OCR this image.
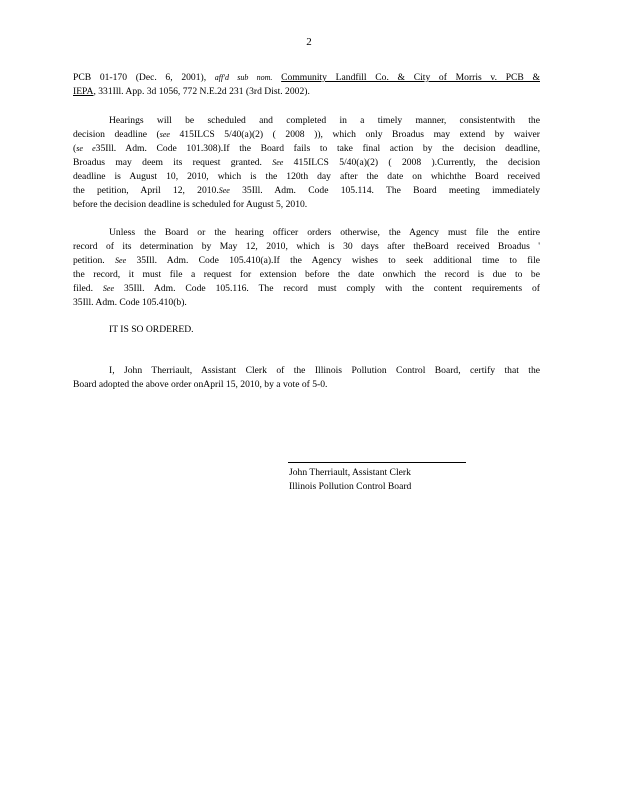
2
PCB 01-170 (Dec. 6, 2001), aff'd sub nom. Community Landfill Co. & City of Morris v. PCB &
IEPA, 331Ill. App. 3d 1056, 772 N.E.2d 231 (3rd Dist. 2002).
Hearings will be scheduled and completed in a timely manner, consistentwith the
decision deadline (see 415ILCS 5/40(a)(2) ( 2008 )), which only Broadus may extend by waiver
(se e35Ill. Adm. Code 101.308).If the Board fails to take final action by the decision deadline,
Broadus may deem its request granted. See 415ILCS 5/40(a)(2) ( 2008 ).Currently, the decision
deadline is August 10, 2010, which is the 120th day after the date on whichthe Board received
the petition, April 12, 2010.See 35Ill. Adm. Code 105.114. The Board meeting immediately
before the decision deadline is scheduled for August 5, 2010.
Unless the Board or the hearing officer orders otherwise, the Agency must file the entire
record of its determination by May 12, 2010, which is 30 days after theBoard received Broadus '
petition. See 35Ill. Adm. Code 105.410(a).If the Agency wishes to seek additional time to file
the record, it must file a request for extension before the date onwhich the record is due to be
filed. See 35Ill. Adm. Code 105.116. The record must comply with the content requirements of
35Ill. Adm. Code 105.410(b).
IT IS SO ORDERED.
I, John Therriault, Assistant Clerk of the Illinois Pollution Control Board, certify that the
Board adopted the above order onApril 15, 2010, by a vote of 5-0.
John Therriault, Assistant Clerk
Illinois Pollution Control Board
